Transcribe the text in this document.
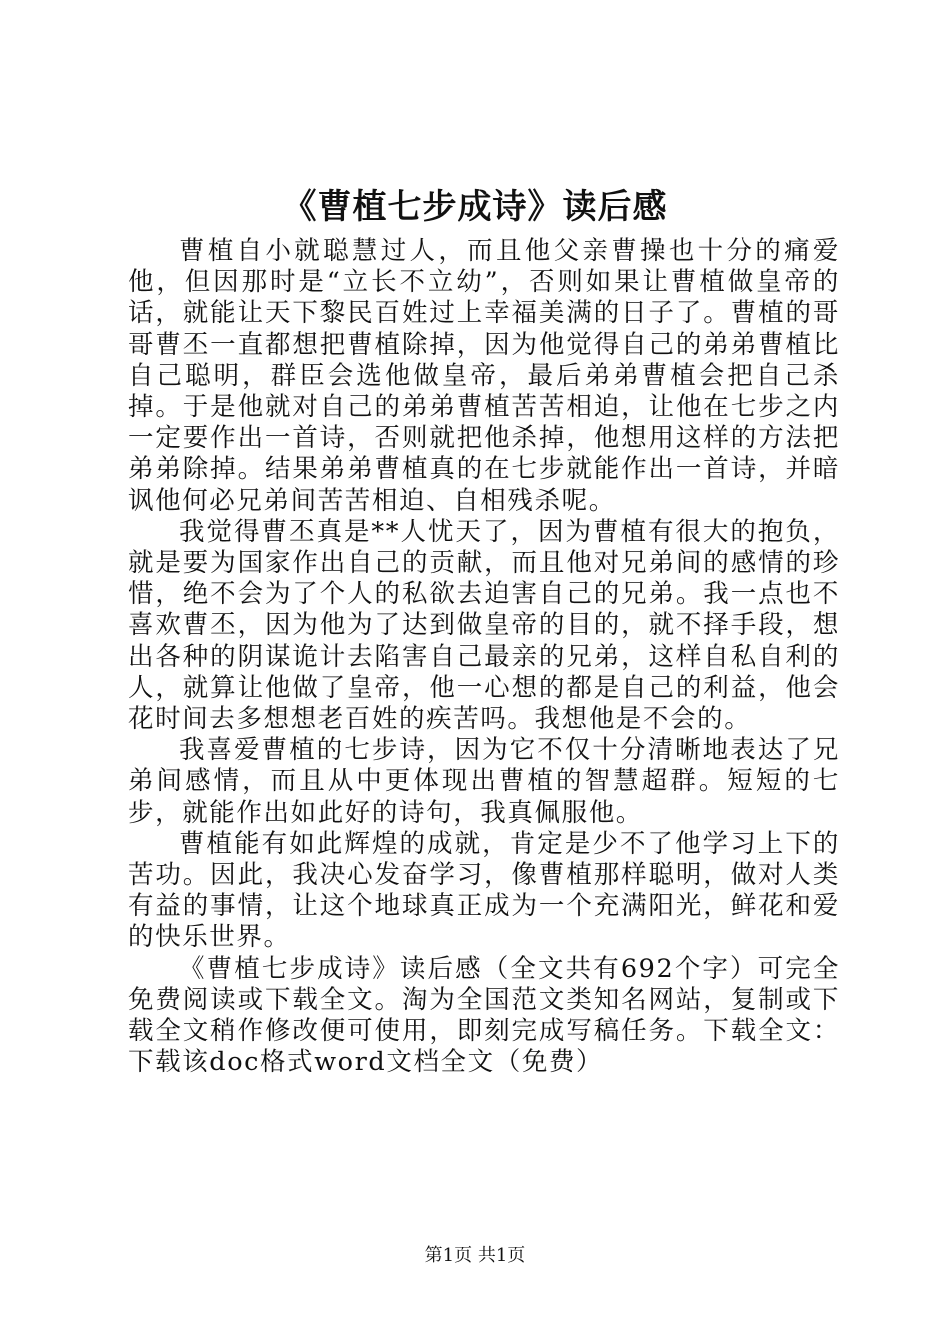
《曹植七步成诗》读后感

曹植自小就聪慧过人，而且他父亲曹操也十分的痛爱他，但因那时是“立长不立幼”，否则如果让曹植做皇帝的话，就能让天下黎民百姓过上幸福美满的日子了。曹植的哥哥曹丕一直都想把曹植除掉，因为他觉得自己的弟弟曹植比自己聪明，群臣会选他做皇帝，最后弟弟曹植会把自己杀掉。于是他就对自己的弟弟曹植苦苦相迫，让他在七步之内一定要作出一首诗，否则就把他杀掉，他想用这样的方法把弟弟除掉。结果弟弟曹植真的在七步就能作出一首诗，并暗讽他何必兄弟间苦苦相迫、自相残杀呢。

我觉得曹丕真是**人忧天了，因为曹植有很大的抱负，就是要为国家作出自己的贡献，而且他对兄弟间的感情的珍惜，绝不会为了个人的私欲去迫害自己的兄弟。我一点也不喜欢曹丕，因为他为了达到做皇帝的目的，就不择手段，想出各种的阴谋诡计去陷害自己最亲的兄弟，这样自私自利的人，就算让他做了皇帝，他一心想的都是自己的利益，他会花时间去多想想老百姓的疾苦吗。我想他是不会的。

我喜爱曹植的七步诗，因为它不仅十分清晰地表达了兄弟间感情，而且从中更体现出曹植的智慧超群。短短的七步，就能作出如此好的诗句，我真佩服他。

曹植能有如此辉煌的成就，肯定是少不了他学习上下的苦功。因此，我决心发奋学习，像曹植那样聪明，做对人类有益的事情，让这个地球真正成为一个充满阳光，鲜花和爱的快乐世界。

《曹植七步成诗》读后感（全文共有692个字）可完全免费阅读或下载全文。淘为全国范文类知名网站，复制或下载全文稍作修改便可使用，即刻完成写稿任务。下载全文：下载该doc格式word文档全文（免费）

第1页 共1页
